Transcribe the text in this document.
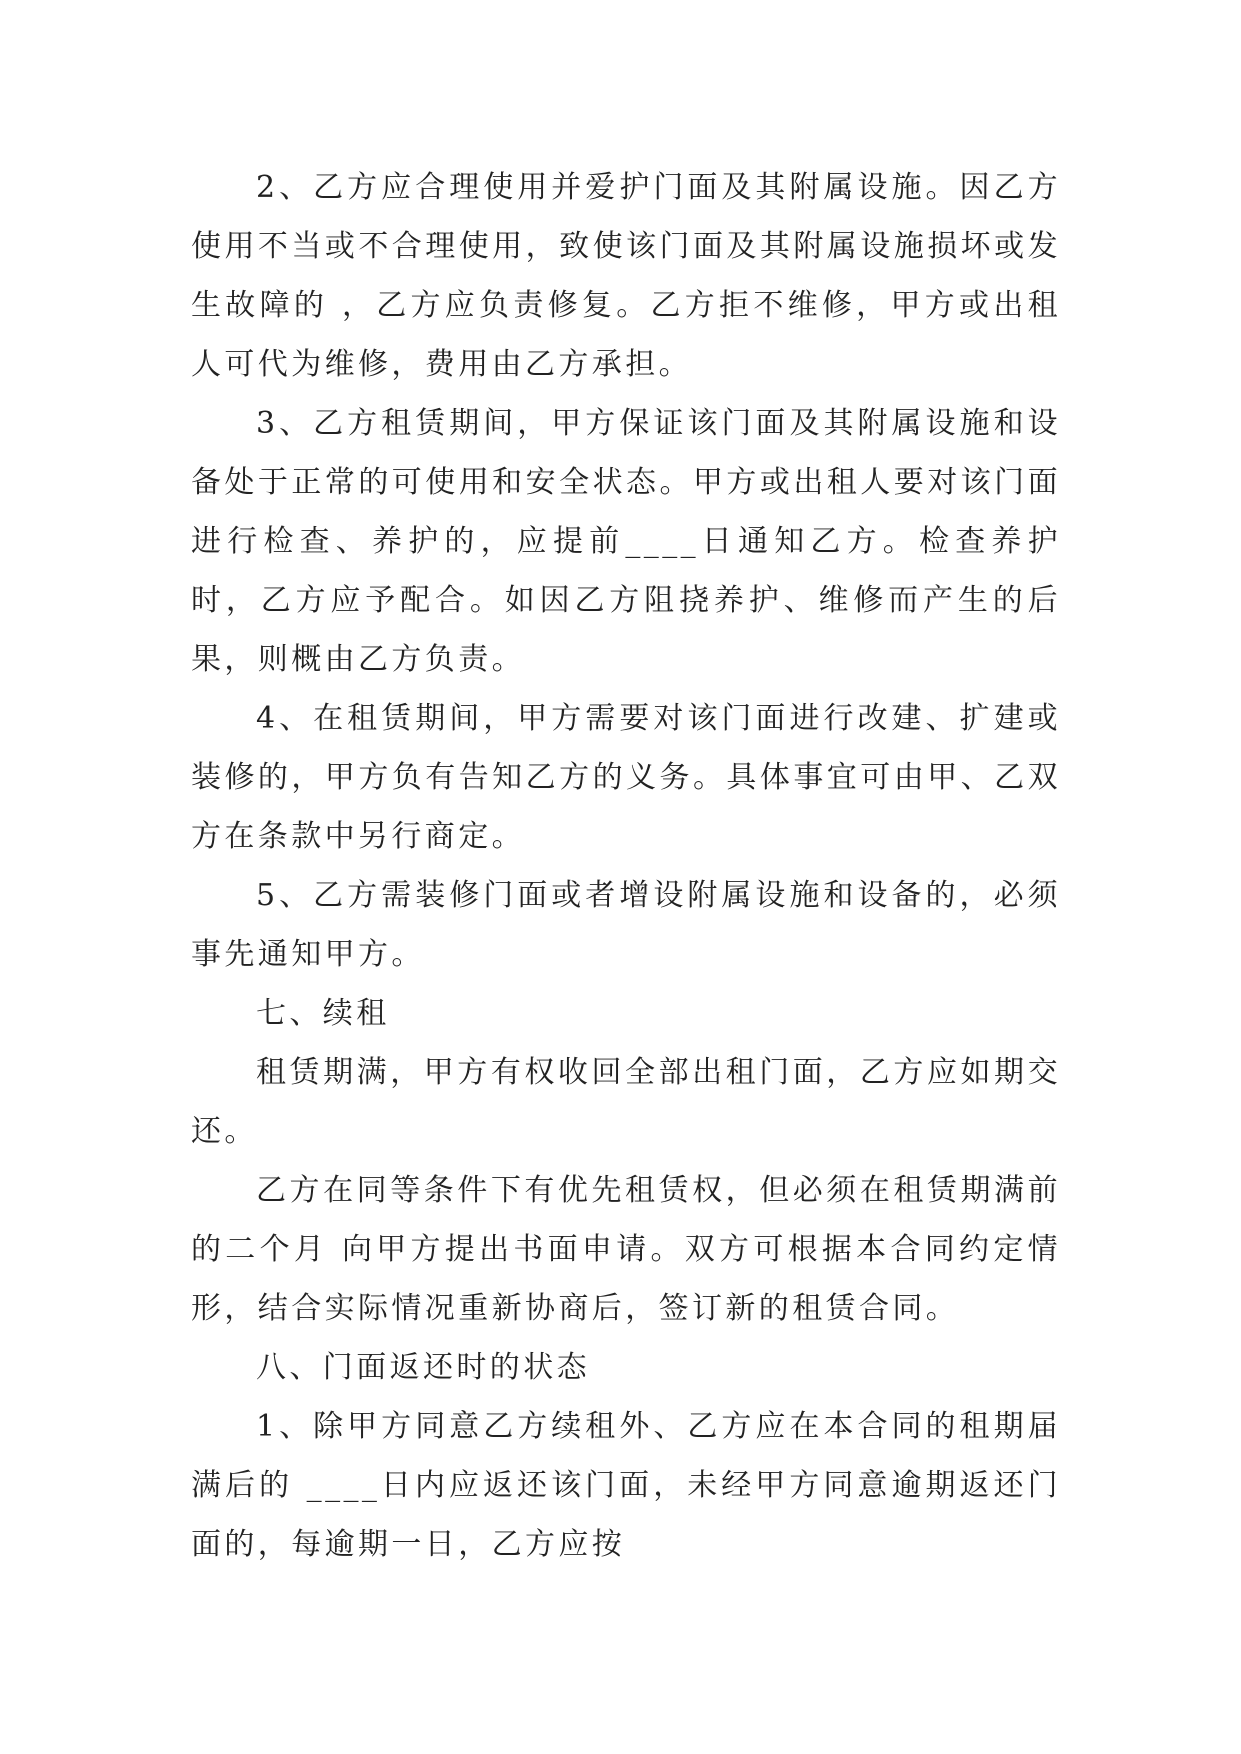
2、乙方应合理使用并爱护门面及其附属设施。因乙方使用不当或不合理使用，致使该门面及其附属设施损坏或发生故障的 ，乙方应负责修复。乙方拒不维修，甲方或出租人可代为维修，费用由乙方承担。

3、乙方租赁期间，甲方保证该门面及其附属设施和设备处于正常的可使用和安全状态。甲方或出租人要对该门面进行检查、养护的，应提前____日通知乙方。检查养护时，乙方应予配合。如因乙方阻挠养护、维修而产生的后果，则概由乙方负责。

4、在租赁期间，甲方需要对该门面进行改建、扩建或装修的，甲方负有告知乙方的义务。具体事宜可由甲、乙双方在条款中另行商定。

5、乙方需装修门面或者增设附属设施和设备的，必须事先通知甲方。

七、续租

租赁期满，甲方有权收回全部出租门面，乙方应如期交还。

乙方在同等条件下有优先租赁权，但必须在租赁期满前的二个月 向甲方提出书面申请。双方可根据本合同约定情形，结合实际情况重新协商后，签订新的租赁合同。

八、门面返还时的状态

1、除甲方同意乙方续租外、乙方应在本合同的租期届满后的 ____日内应返还该门面，未经甲方同意逾期返还门面的，每逾期一日，乙方应按
